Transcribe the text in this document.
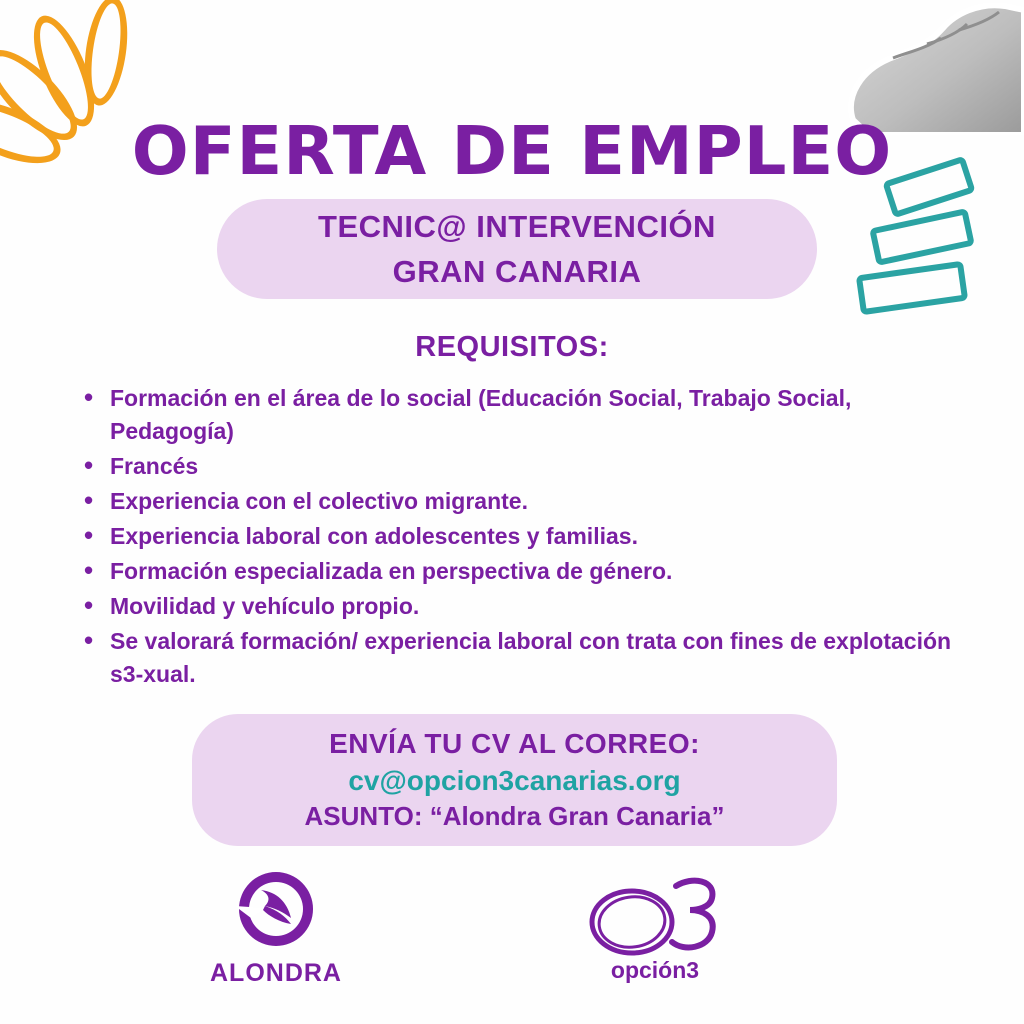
OFERTA DE EMPLEO
TECNIC@ INTERVENCIÓN
GRAN CANARIA
REQUISITOS:
• Formación en el área de lo social (Educación Social, Trabajo Social, Pedagogía)
• Francés
• Experiencia con el colectivo migrante.
• Experiencia laboral con adolescentes y familias.
• Formación especializada en perspectiva de género.
• Movilidad y vehículo propio.
• Se valorará formación/ experiencia laboral con trata con fines de explotación s3-xual.
ENVÍA TU CV AL CORREO:
cv@opcion3canarias.org
ASUNTO: “Alondra Gran Canaria”
ALONDRA	opción3
